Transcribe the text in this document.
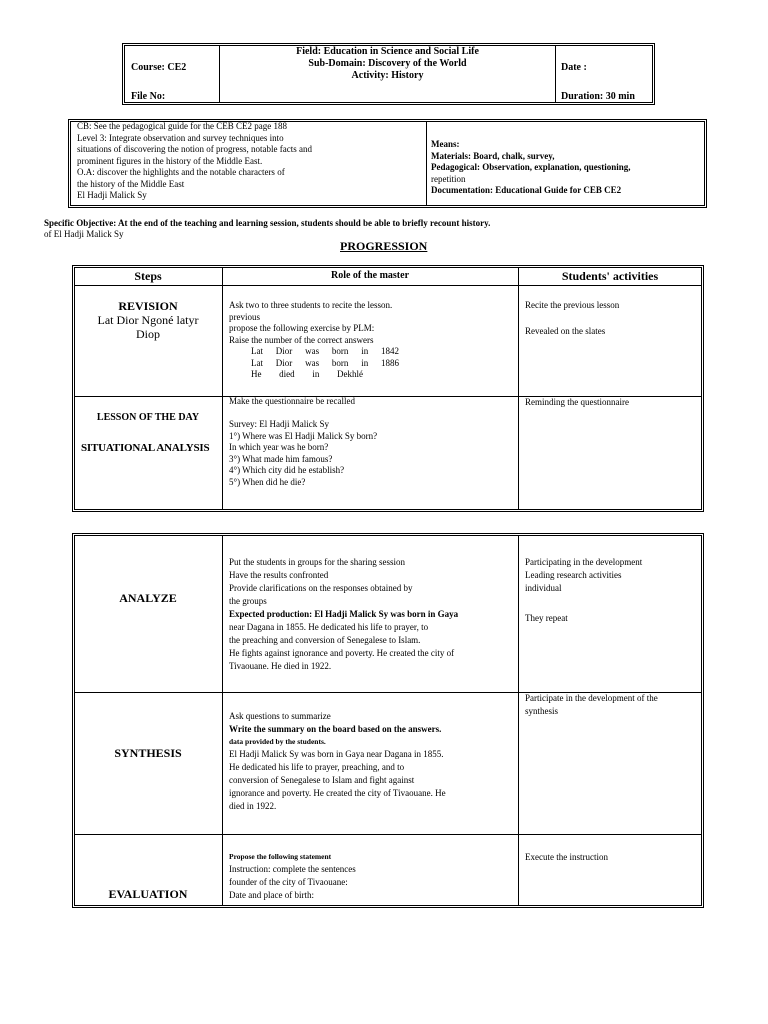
Course: CE2
File No:
Field: Education in Science and Social Life
Sub-Domain: Discovery of the World
Activity: History
Date :
Duration: 30 min
CB: See the pedagogical guide for the CEB CE2 page 188
Level 3: Integrate observation and survey techniques into
situations of discovering the notion of progress, notable facts and
prominent figures in the history of the Middle East.
O.A: discover the highlights and the notable characters of
the history of the Middle East
El Hadji Malick Sy
Means:
Materials: Board, chalk, survey,
Pedagogical: Observation, explanation, questioning,
repetition
Documentation: Educational Guide for CEB CE2
Specific Objective: At the end of the teaching and learning session, students should be able to briefly recount history.
of El Hadji Malick Sy
PROGRESSION
Steps	Role of the master	Students' activities
REVISION
Lat Dior Ngoné latyr
Diop
Ask two to three students to recite the lesson.
previous
propose the following exercise by PLM:
Raise the number of the correct answers
Lat Dior was born in 1842
Lat Dior was born in 1886
He died in Dekhlé
Recite the previous lesson
Revealed on the slates
LESSON OF THE DAY
SITUATIONAL ANALYSIS
Make the questionnaire be recalled
Survey: El Hadji Malick Sy
1°) Where was El Hadji Malick Sy born?
In which year was he born?
3°) What made him famous?
4°) Which city did he establish?
5°) When did he die?
Reminding the questionnaire
ANALYZE
Put the students in groups for the sharing session
Have the results confronted
Provide clarifications on the responses obtained by
the groups
Expected production: El Hadji Malick Sy was born in Gaya
near Dagana in 1855. He dedicated his life to prayer, to
the preaching and conversion of Senegalese to Islam.
He fights against ignorance and poverty. He created the city of
Tivaouane. He died in 1922.
Participating in the development
Leading research activities
individual
They repeat
SYNTHESIS
Ask questions to summarize
Write the summary on the board based on the answers.
data provided by the students.
El Hadji Malick Sy was born in Gaya near Dagana in 1855.
He dedicated his life to prayer, preaching, and to
conversion of Senegalese to Islam and fight against
ignorance and poverty. He created the city of Tivaouane. He
died in 1922.
Participate in the development of the
synthesis
EVALUATION
Propose the following statement
Instruction: complete the sentences
founder of the city of Tivaouane:
Date and place of birth:
Execute the instruction
